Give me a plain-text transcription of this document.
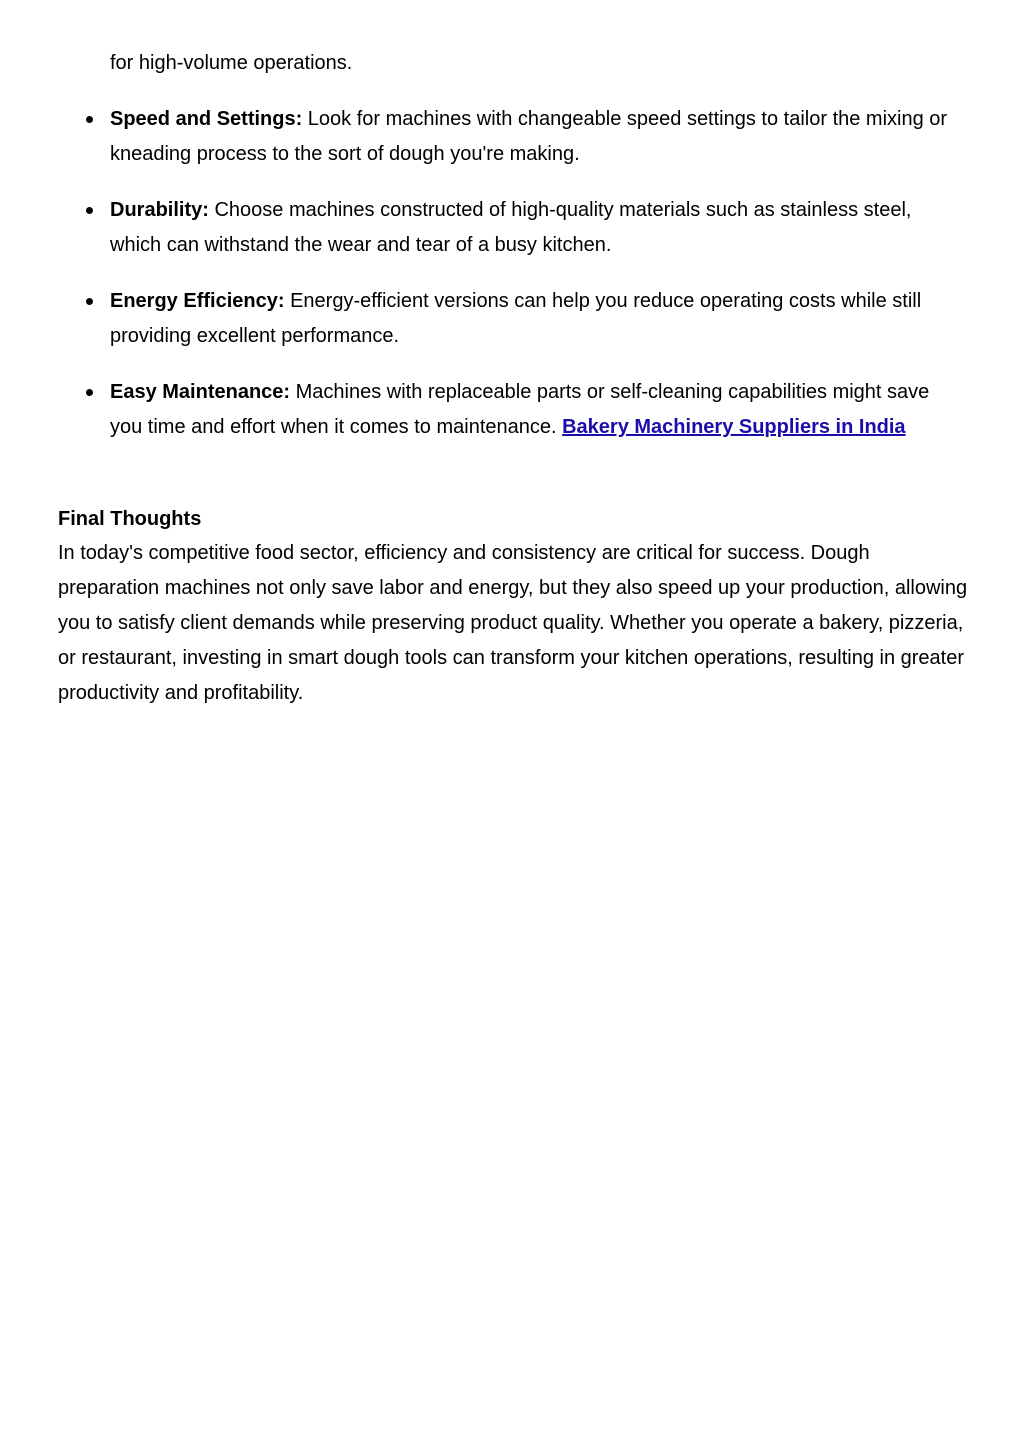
for high-volume operations.

Speed and Settings: Look for machines with changeable speed settings to tailor the mixing or kneading process to the sort of dough you're making.
Durability: Choose machines constructed of high-quality materials such as stainless steel, which can withstand the wear and tear of a busy kitchen.
Energy Efficiency: Energy-efficient versions can help you reduce operating costs while still providing excellent performance.
Easy Maintenance: Machines with replaceable parts or self-cleaning capabilities might save you time and effort when it comes to maintenance. Bakery Machinery Suppliers in India
Final Thoughts

In today's competitive food sector, efficiency and consistency are critical for success. Dough preparation machines not only save labor and energy, but they also speed up your production, allowing you to satisfy client demands while preserving product quality. Whether you operate a bakery, pizzeria, or restaurant, investing in smart dough tools can transform your kitchen operations, resulting in greater productivity and profitability.
